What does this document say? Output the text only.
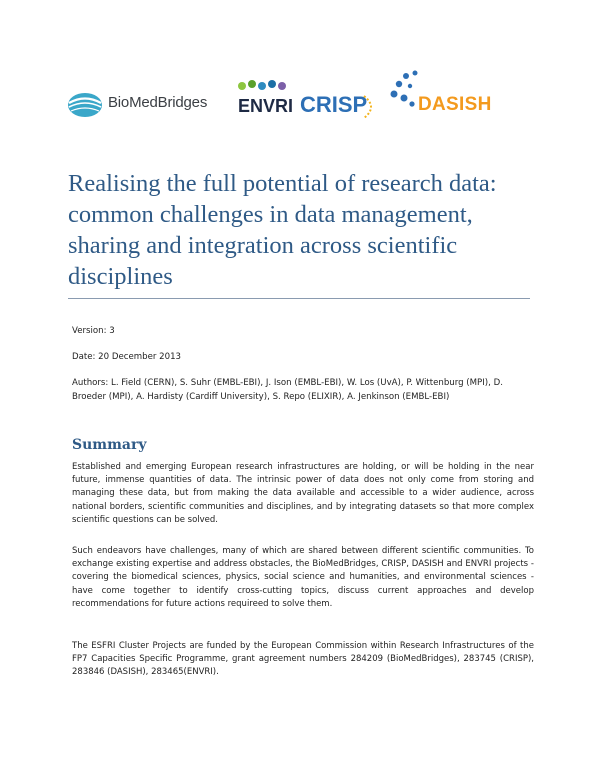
BioMedBridges ENVRI CRISP	DASISH
Realising the full potential of research data: common challenges in data management, sharing and integration across scientific disciplines
Version: 3
Date: 20 December 2013
Authors: L. Field (CERN), S. Suhr (EMBL-EBI), J. Ison (EMBL-EBI), W. Los (UvA), P. Wittenburg (MPI), D. Broeder (MPI), A. Hardisty (Cardiff University), S. Repo (ELIXIR), A. Jenkinson (EMBL-EBI)
Summary

Established and emerging European research infrastructures are holding, or will be holding in the near future, immense quantities of data. The intrinsic power of data does not only come from storing and managing these data, but from making the data available and accessible to a wider audience, across national borders, scientific communities and disciplines, and by integrating datasets so that more complex scientific questions can be solved.

Such endeavors have challenges, many of which are shared between different scientific communities. To exchange existing expertise and address obstacles, the BioMedBridges, CRISP, DASISH and ENVRI projects - covering the biomedical sciences, physics, social science and humanities, and environmental sciences - have come together to identify cross-cutting topics, discuss current approaches and develop recommendations for future actions requireed to solve them.

The ESFRI Cluster Projects are funded by the European Commission within Research Infrastructures of the FP7 Capacities Specific Programme, grant agreement numbers 284209 (BioMedBridges), 283745 (CRISP), 283846 (DASISH), 283465(ENVRI).
